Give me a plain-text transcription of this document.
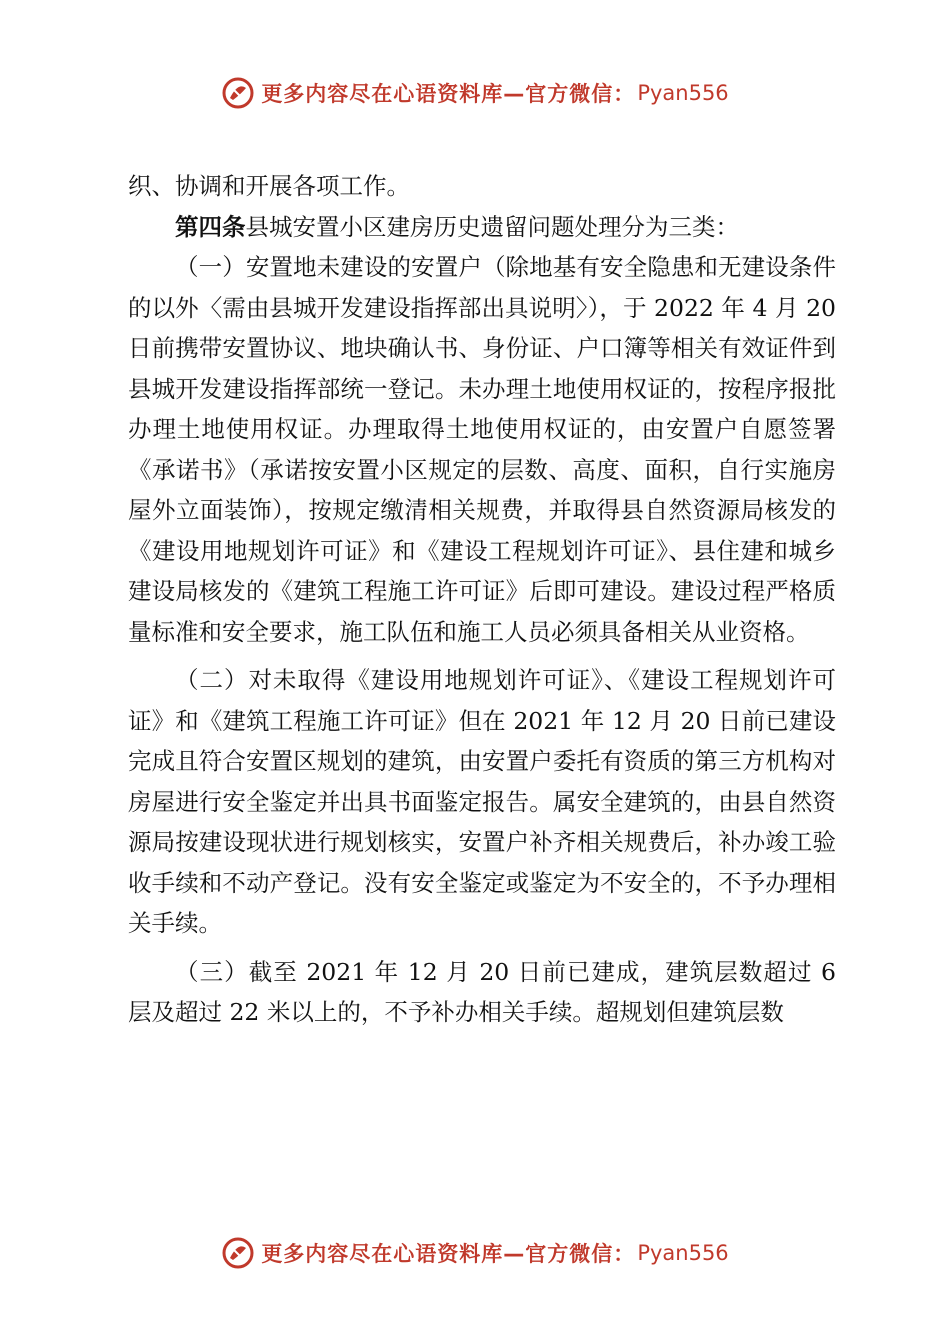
更多内容尽在心语资料库—官方微信： Pyan556

织、协调和开展各项工作。

第四条县城安置小区建房历史遗留问题处理分为三类：

（一）安置地未建设的安置户（除地基有安全隐患和无建设条件的以外〈需由县城开发建设指挥部出具说明〉），于 2022 年 4 月 20 日前携带安置协议、地块确认书、身份证、户口簿等相关有效证件到县城开发建设指挥部统一登记。未办理土地使用权证的，按程序报批办理土地使用权证。办理取得土地使用权证的，由安置户自愿签署《承诺书》（承诺按安置小区规定的层数、高度、面积，自行实施房屋外立面装饰），按规定缴清相关规费，并取得县自然资源局核发的《建设用地规划许可证》和《建设工程规划许可证》、县住建和城乡建设局核发的《建筑工程施工许可证》后即可建设。建设过程严格质量标准和安全要求，施工队伍和施工人员必须具备相关从业资格。

（二）对未取得《建设用地规划许可证》、《建设工程规划许可证》和《建筑工程施工许可证》但在 2021 年 12 月 20 日前已建设完成且符合安置区规划的建筑，由安置户委托有资质的第三方机构对房屋进行安全鉴定并出具书面鉴定报告。属安全建筑的，由县自然资源局按建设现状进行规划核实，安置户补齐相关规费后，补办竣工验收手续和不动产登记。没有安全鉴定或鉴定为不安全的，不予办理相关手续。

（三）截至 2021 年 12 月 20 日前已建成，建筑层数超过 6 层及超过 22 米以上的，不予补办相关手续。超规划但建筑层数

更多内容尽在心语资料库—官方微信： Pyan556
